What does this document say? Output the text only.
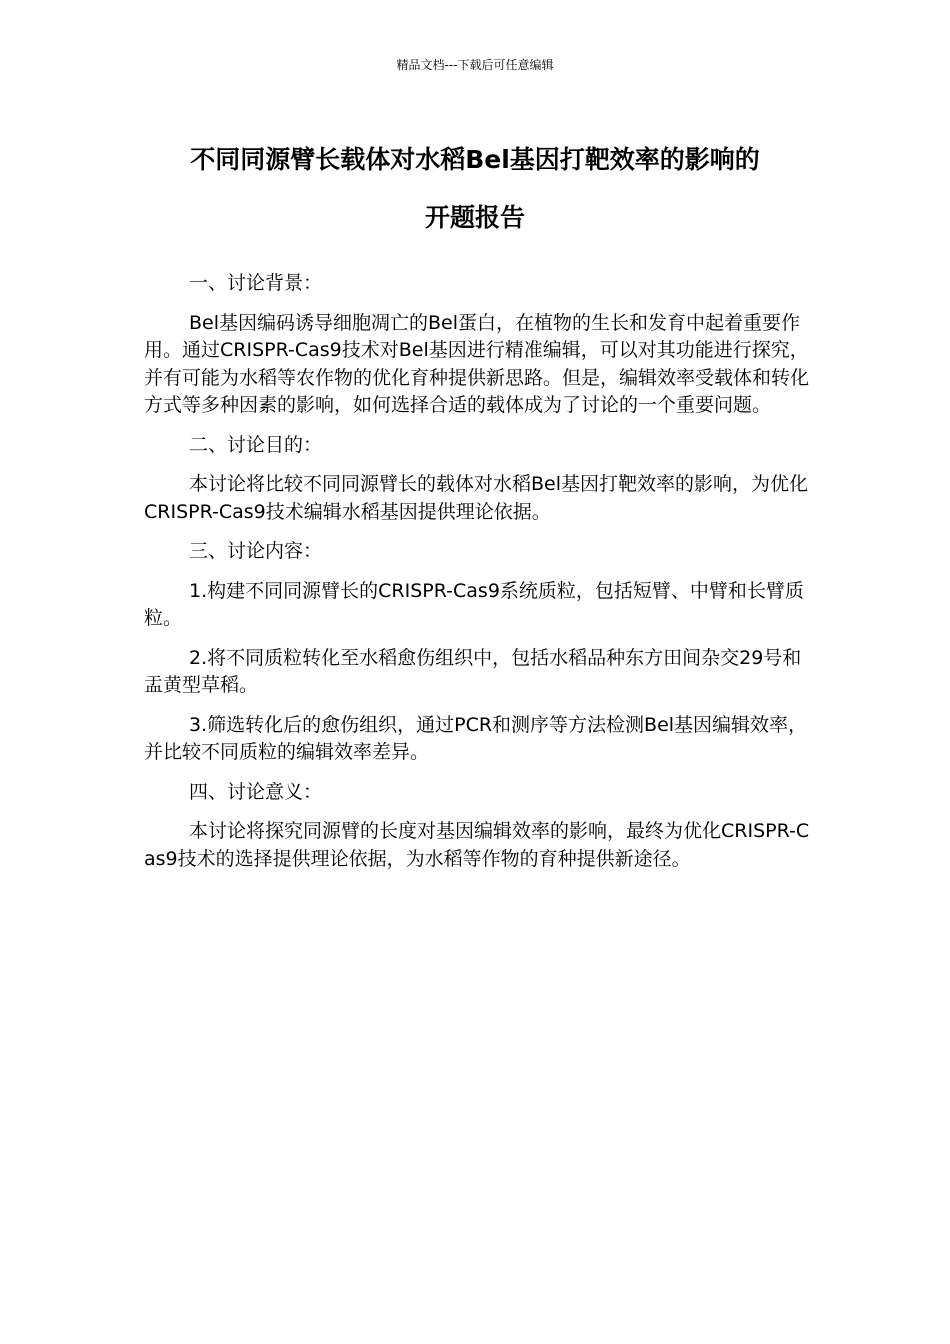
精品文档---下载后可任意编辑
不同同源臂长载体对水稻Bel基因打靶效率的影响的
开题报告

一、讨论背景：

Bel基因编码诱导细胞凋亡的Bel蛋白，在植物的生长和发育中起着重要作用。通过CRISPR-Cas9技术对Bel基因进行精准编辑，可以对其功能进行探究，并有可能为水稻等农作物的优化育种提供新思路。但是，编辑效率受载体和转化方式等多种因素的影响，如何选择合适的载体成为了讨论的一个重要问题。

二、讨论目的：

本讨论将比较不同同源臂长的载体对水稻Bel基因打靶效率的影响，为优化CRISPR-Cas9技术编辑水稻基因提供理论依据。

三、讨论内容：

1.构建不同同源臂长的CRISPR-Cas9系统质粒，包括短臂、中臂和长臂质粒。

2.将不同质粒转化至水稻愈伤组织中，包括水稻品种东方田间杂交29号和盂黄型草稻。

3.筛选转化后的愈伤组织，通过PCR和测序等方法检测Bel基因编辑效率，并比较不同质粒的编辑效率差异。

四、讨论意义：

本讨论将探究同源臂的长度对基因编辑效率的影响，最终为优化CRISPR-Cas9技术的选择提供理论依据，为水稻等作物的育种提供新途径。
